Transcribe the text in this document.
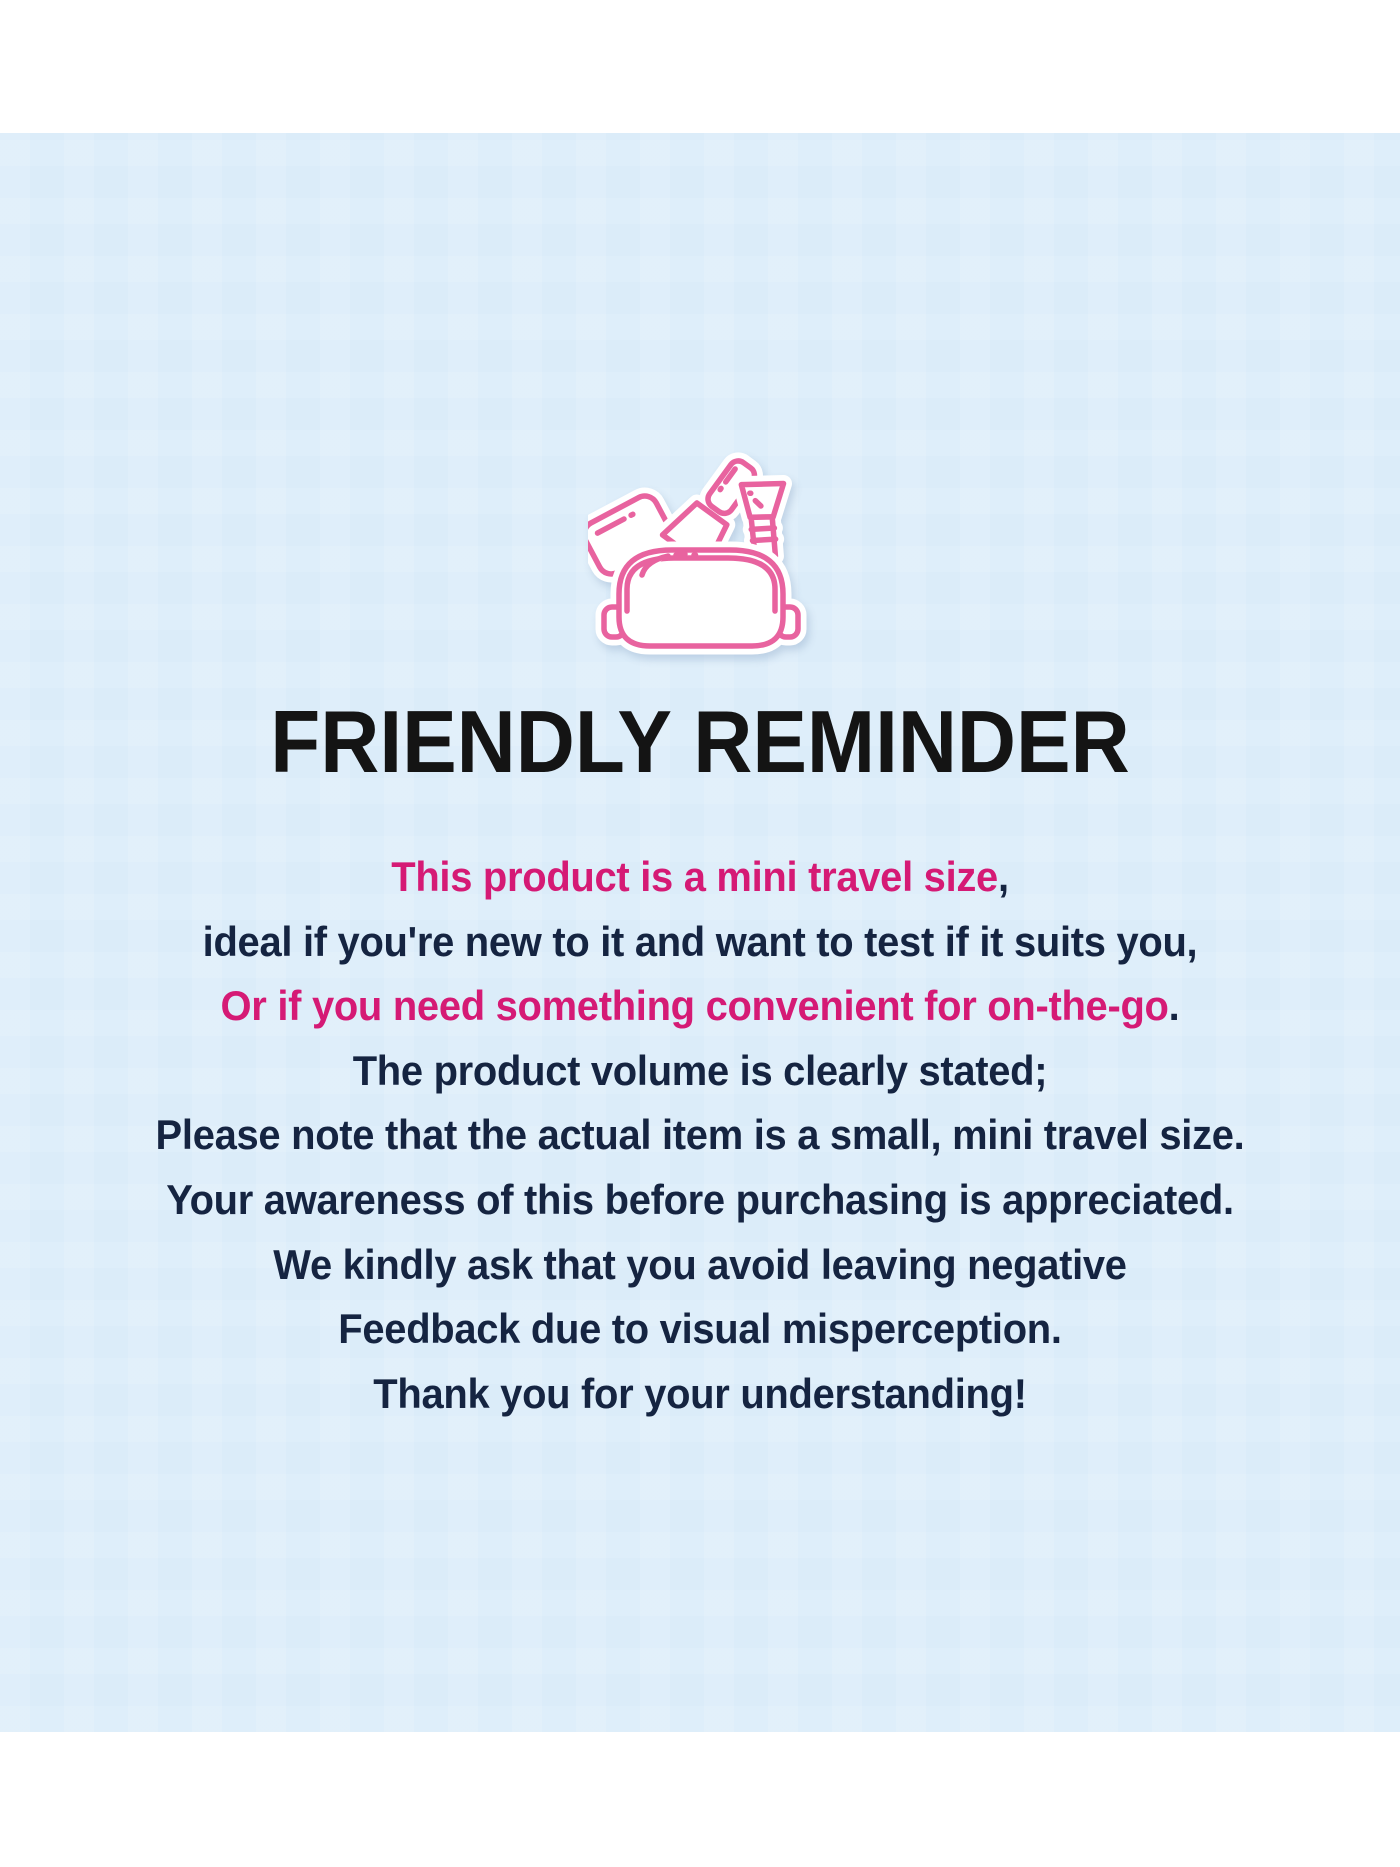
FRIENDLY REMINDER

This product is a mini travel size,

ideal if you're new to it and want to test if it suits you,

Or if you need something convenient for on-the-go.

The product volume is clearly stated;

Please note that the actual item is a small, mini travel size.

Your awareness of this before purchasing is appreciated.

We kindly ask that you avoid leaving negative

Feedback due to visual misperception.

Thank you for your understanding!
